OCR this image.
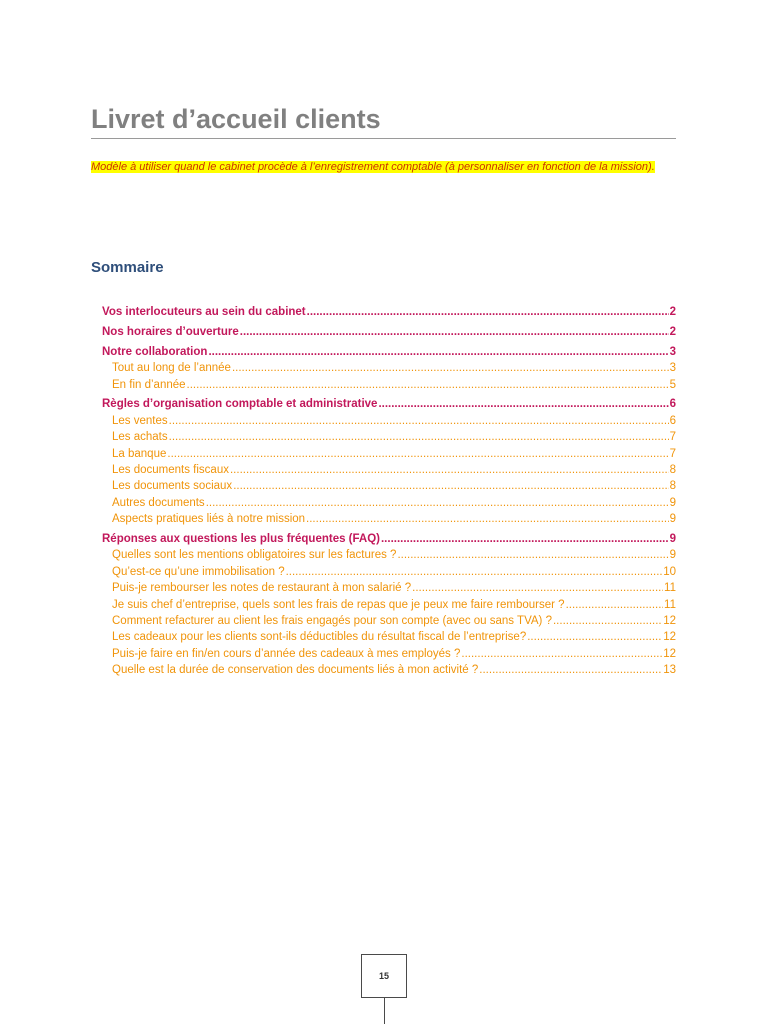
Livret d’accueil clients
Modèle à utiliser quand le cabinet procède à l’enregistrement comptable (à personnaliser en fonction de la mission).
Sommaire
Vos interlocuteurs au sein du cabinet .....	2
Nos horaires d’ouverture .....	2
Notre collaboration .....	3
Tout au long de l’année .....	3
En fin d’année .....	5
Règles d’organisation comptable et administrative .....	6
Les ventes .....	6
Les achats .....	7
La banque .....	7
Les documents fiscaux .....	8
Les documents sociaux .....	8
Autres documents .....	9
Aspects pratiques liés à notre mission .....	9
Réponses aux questions les plus fréquentes (FAQ) .....	9
Quelles sont les mentions obligatoires sur les factures ? .....	9
Qu’est-ce qu’une immobilisation ? .....	10
Puis-je rembourser les notes de restaurant à mon salarié ? .....	11
Je suis chef d’entreprise, quels sont les frais de repas que je peux me faire rembourser ? .....	11
Comment refacturer au client les frais engagés pour son compte (avec ou sans TVA) ? .....	12
Les cadeaux pour les clients sont-ils déductibles du résultat fiscal de l’entreprise? .....	12
Puis-je faire en fin/en cours d’année des cadeaux à mes employés ? .....	12
Quelle est la durée de conservation des documents liés à mon activité ? .....	13
15
